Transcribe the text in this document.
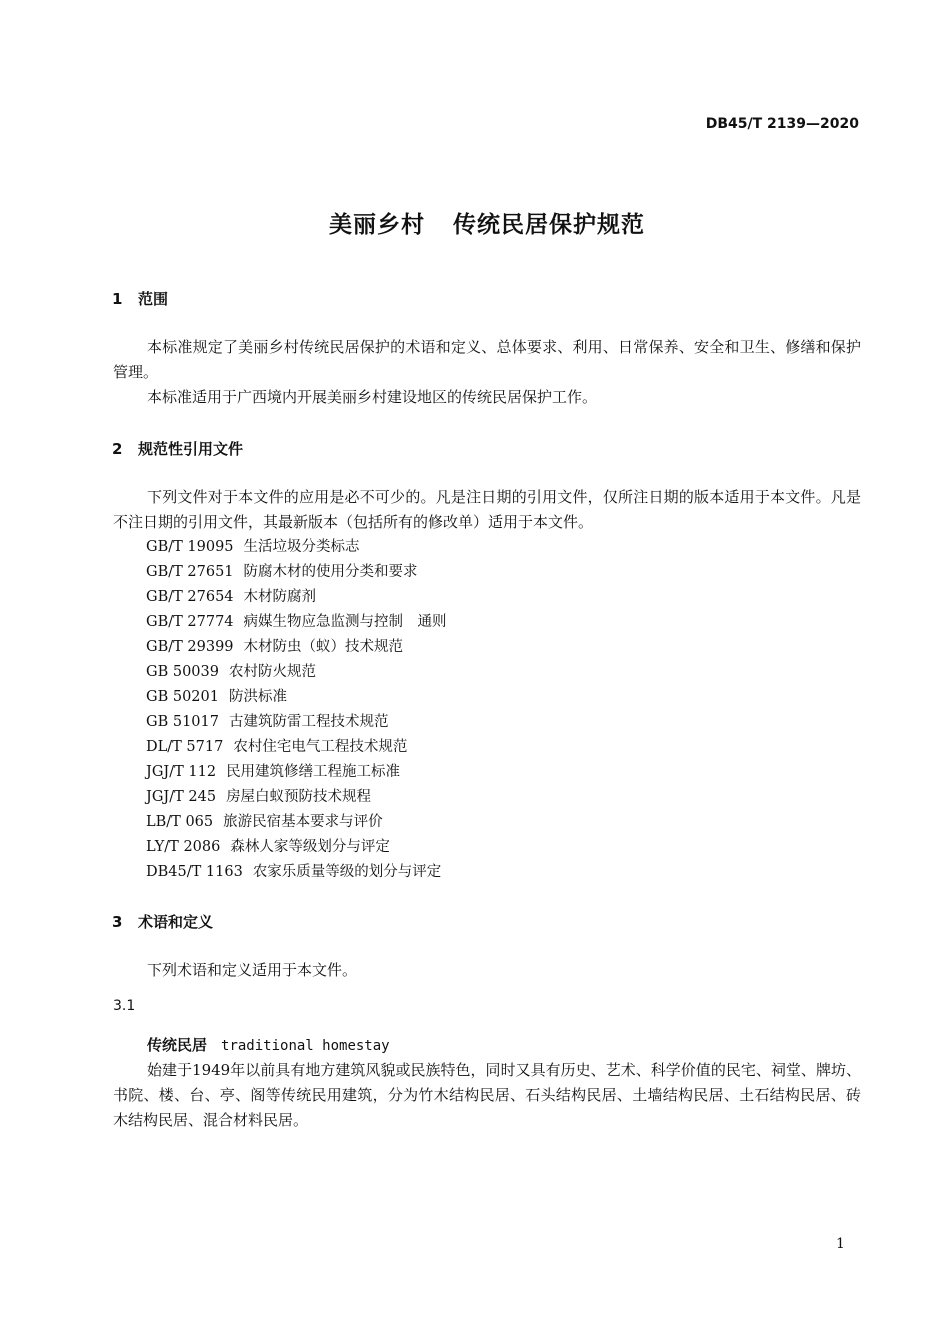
DB45/T 2139—2020
美丽乡村 传统民居保护规范
1 范围
本标准规定了美丽乡村传统民居保护的术语和定义、总体要求、利用、日常保养、安全和卫生、修缮和保护管理。
本标准适用于广西境内开展美丽乡村建设地区的传统民居保护工作。
2 规范性引用文件
下列文件对于本文件的应用是必不可少的。凡是注日期的引用文件，仅所注日期的版本适用于本文件。凡是不注日期的引用文件，其最新版本（包括所有的修改单）适用于本文件。
GB/T 19095 生活垃圾分类标志
GB/T 27651 防腐木材的使用分类和要求
GB/T 27654 木材防腐剂
GB/T 27774 病媒生物应急监测与控制　通则
GB/T 29399 木材防虫（蚁）技术规范
GB 50039 农村防火规范
GB 50201 防洪标准
GB 51017 古建筑防雷工程技术规范
DL/T 5717 农村住宅电气工程技术规范
JGJ/T 112 民用建筑修缮工程施工标准
JGJ/T 245 房屋白蚁预防技术规程
LB/T 065 旅游民宿基本要求与评价
LY/T 2086 森林人家等级划分与评定
DB45/T 1163 农家乐质量等级的划分与评定
3 术语和定义
下列术语和定义适用于本文件。
3.1
传统民居 traditional homestay
始建于1949年以前具有地方建筑风貌或民族特色，同时又具有历史、艺术、科学价值的民宅、祠堂、牌坊、书院、楼、台、亭、阁等传统民用建筑，分为竹木结构民居、石头结构民居、土墙结构民居、土石结构民居、砖木结构民居、混合材料民居。
1
